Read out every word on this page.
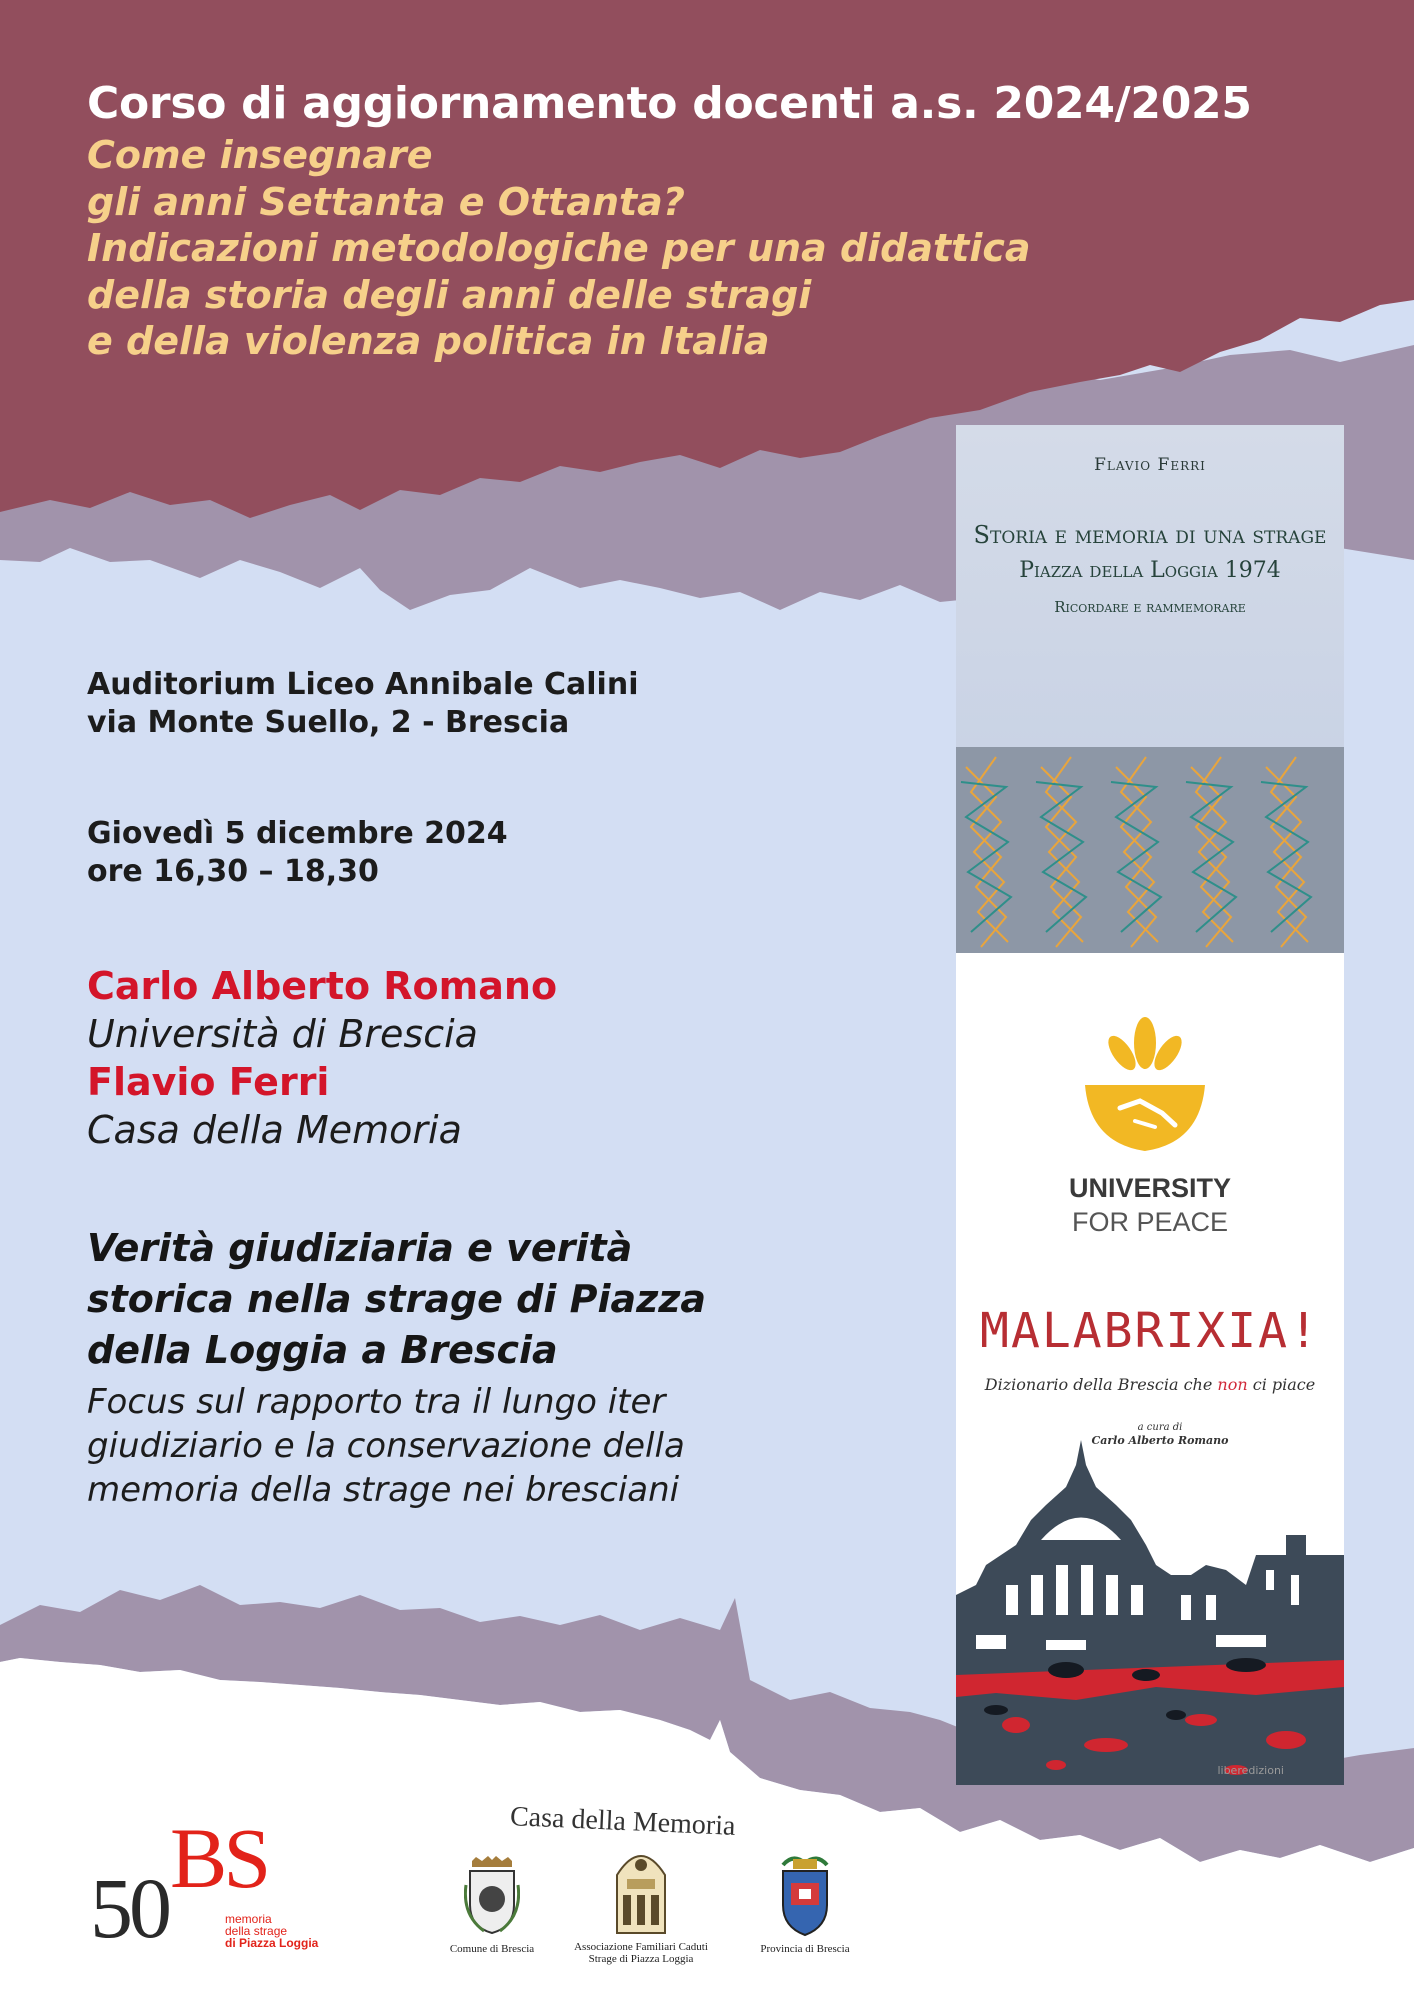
Corso di aggiornamento docenti a.s. 2024/2025
Come insegnare
gli anni Settanta e Ottanta?
Indicazioni metodologiche per una didattica
della storia degli anni delle stragi
e della violenza politica in Italia
Auditorium Liceo Annibale Calini
via Monte Suello, 2 - Brescia
Giovedì 5 dicembre 2024
ore 16,30 – 18,30
Carlo Alberto Romano
Università di Brescia
Flavio Ferri
Casa della Memoria
Verità giudiziaria e verità
storica nella strage di Piazza
della Loggia a Brescia
Focus sul rapporto tra il lungo iter
giudiziario e la conservazione della
memoria della strage nei bresciani
Flavio Ferri
Storia e memoria di una strage
Piazza della Loggia 1974
Ricordare e rammemorare
UNIVERSITY
FOR PEACE
MALABRIXIA!
Dizionario della Brescia che non ci piace
a cura di
Carlo Alberto Romano
liberedizioni
BS
50	memoria
della strage
di Piazza Loggia
Casa della Memoria
Comune di Brescia	Associazione Familiari Caduti
Strage di Piazza Loggia
Provincia di Brescia
